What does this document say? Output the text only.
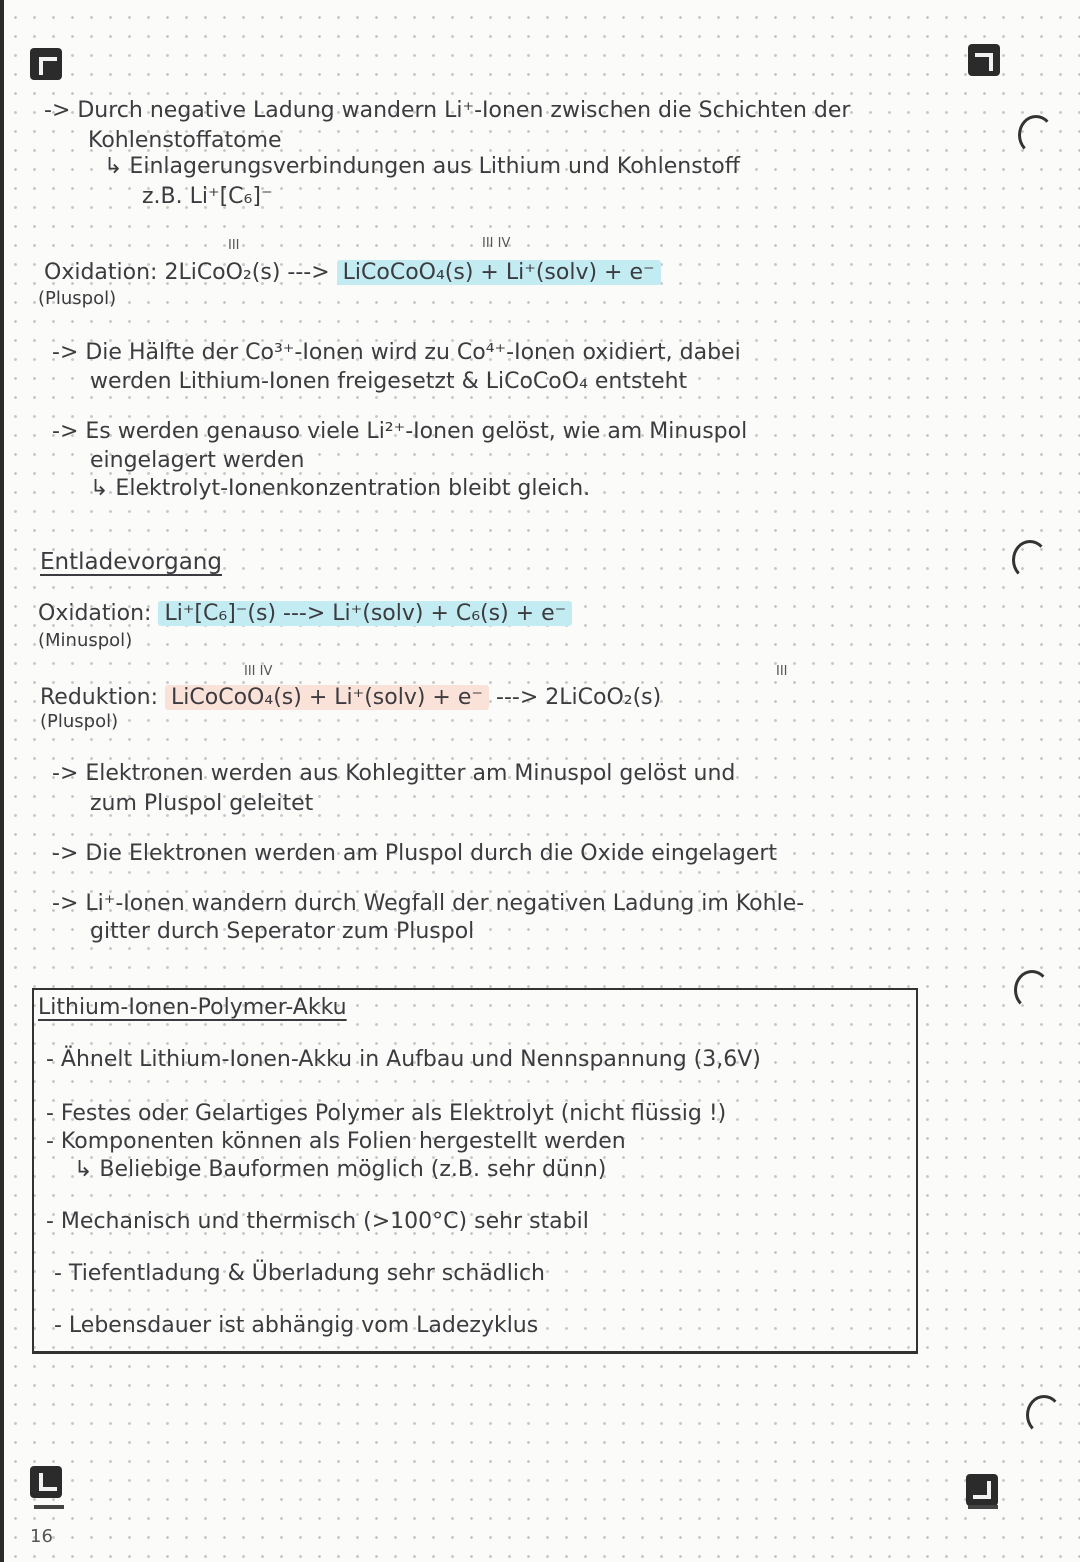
16
-> Durch negative Ladung wandern Li⁺-Ionen zwischen die Schichten der
Kohlenstoffatome
↳ Einlagerungsverbindungen aus Lithium und Kohlenstoff
z.B. Li⁺[C₆]⁻
III	III IV
Oxidation: 2LiCoO₂(s) ---> LiCoCoO₄(s) + Li⁺(solv) + e⁻
(Pluspol)
-> Die Hälfte der Co³⁺-Ionen wird zu Co⁴⁺-Ionen oxidiert, dabei
werden Lithium-Ionen freigesetzt & LiCoCoO₄ entsteht
-> Es werden genauso viele Li²⁺-Ionen gelöst, wie am Minuspol
eingelagert werden
↳ Elektrolyt-Ionenkonzentration bleibt gleich.
Entladevorgang
Oxidation: Li⁺[C₆]⁻(s) ---> Li⁺(solv) + C₆(s) + e⁻
(Minuspol)
III IV	III
Reduktion: LiCoCoO₄(s) + Li⁺(solv) + e⁻ ---> 2LiCoO₂(s)
(Pluspol)
-> Elektronen werden aus Kohlegitter am Minuspol gelöst und
zum Pluspol geleitet
-> Die Elektronen werden am Pluspol durch die Oxide eingelagert
-> Li⁺-Ionen wandern durch Wegfall der negativen Ladung im Kohle-
gitter durch Seperator zum Pluspol
Lithium-Ionen-Polymer-Akku
- Ähnelt Lithium-Ionen-Akku in Aufbau und Nennspannung (3,6V)
- Festes oder Gelartiges Polymer als Elektrolyt (nicht flüssig !)
- Komponenten können als Folien hergestellt werden
↳ Beliebige Bauformen möglich (z.B. sehr dünn)
- Mechanisch und thermisch (>100°C) sehr stabil
- Tiefentladung & Überladung sehr schädlich
- Lebensdauer ist abhängig vom Ladezyklus
